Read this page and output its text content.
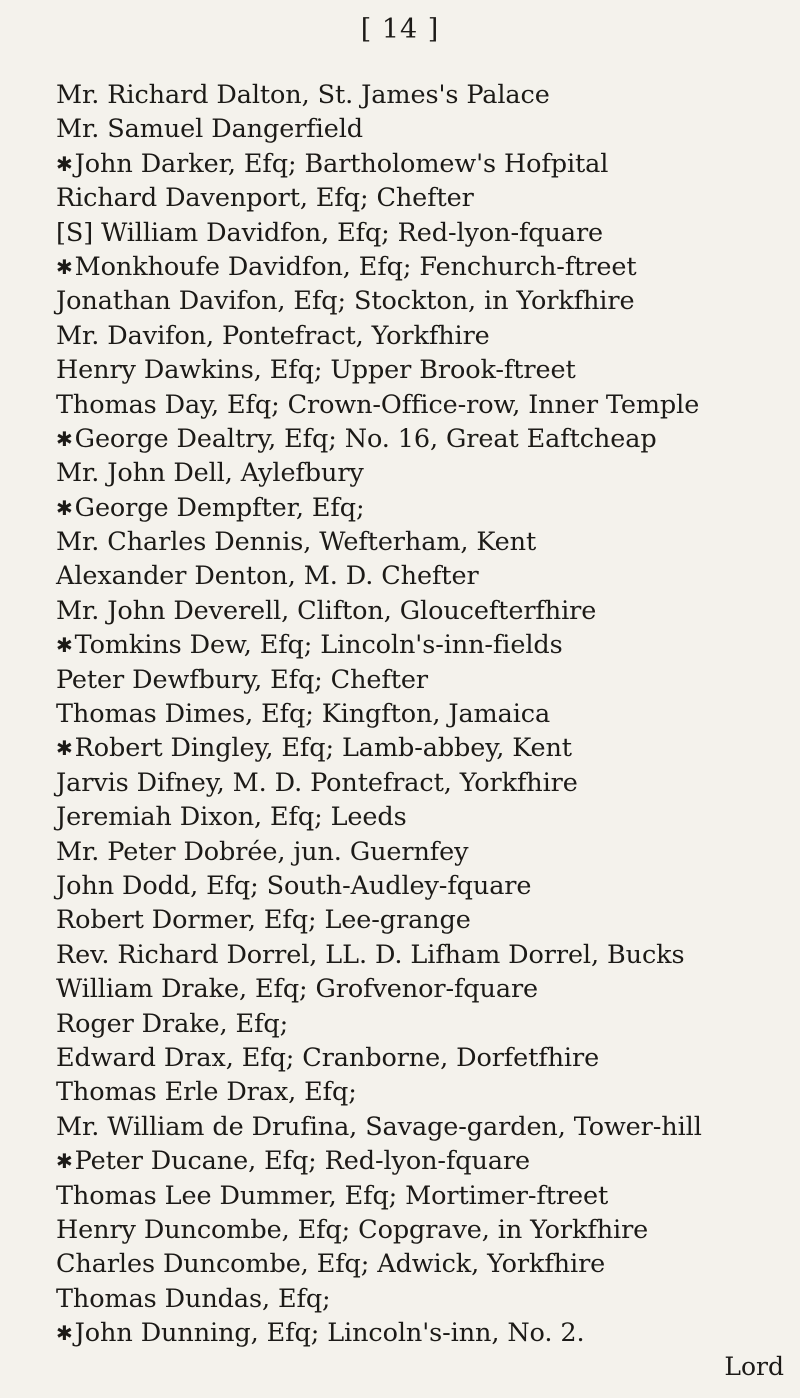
[ 14 ]
Mr. Richard Dalton, St. James's Palace
Mr. Samuel Dangerfield
✱John Darker, Efq; Bartholomew's Hofpital
Richard Davenport, Efq; Chefter
[S] William Davidfon, Efq; Red-lyon-fquare
✱Monkhoufe Davidfon, Efq; Fenchurch-ftreet
Jonathan Davifon, Efq; Stockton, in Yorkfhire
Mr. Davifon, Pontefract, Yorkfhire
Henry Dawkins, Efq; Upper Brook-ftreet
Thomas Day, Efq; Crown-Office-row, Inner Temple
✱George Dealtry, Efq; No. 16, Great Eaftcheap
Mr. John Dell, Aylefbury
✱George Dempfter, Efq;
Mr. Charles Dennis, Wefterham, Kent
Alexander Denton, M. D. Chefter
Mr. John Deverell, Clifton, Gloucefterfhire
✱Tomkins Dew, Efq; Lincoln's-inn-fields
Peter Dewfbury, Efq; Chefter
Thomas Dimes, Efq; Kingfton, Jamaica
✱Robert Dingley, Efq; Lamb-abbey, Kent
Jarvis Difney, M. D. Pontefract, Yorkfhire
Jeremiah Dixon, Efq; Leeds
Mr. Peter Dobrée, jun. Guernfey
John Dodd, Efq; South-Audley-fquare
Robert Dormer, Efq; Lee-grange
Rev. Richard Dorrel, LL. D. Lifham Dorrel, Bucks
William Drake, Efq; Grofvenor-fquare
Roger Drake, Efq;
Edward Drax, Efq; Cranborne, Dorfetfhire
Thomas Erle Drax, Efq;
Mr. William de Drufina, Savage-garden, Tower-hill
✱Peter Ducane, Efq; Red-lyon-fquare
Thomas Lee Dummer, Efq; Mortimer-ftreet
Henry Duncombe, Efq; Copgrave, in Yorkfhire
Charles Duncombe, Efq; Adwick, Yorkfhire
Thomas Dundas, Efq;
✱John Dunning, Efq; Lincoln's-inn, No. 2.
Lord
